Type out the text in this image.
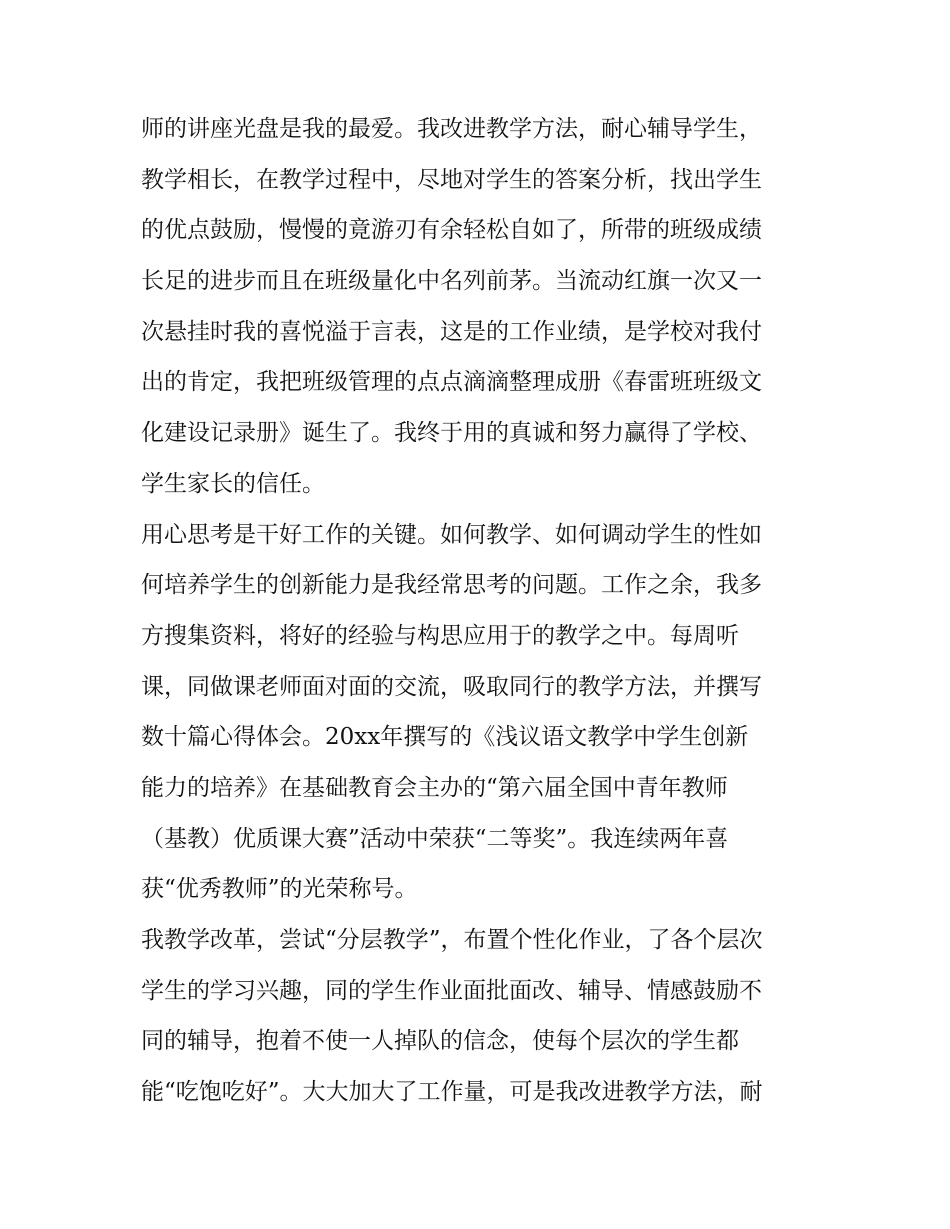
师的讲座光盘是我的最爱。我改进教学方法，耐心辅导学生，
教学相长，在教学过程中，尽地对学生的答案分析，找出学生
的优点鼓励，慢慢的竟游刃有余轻松自如了，所带的班级成绩
长足的进步而且在班级量化中名列前茅。当流动红旗一次又一
次悬挂时我的喜悦溢于言表，这是的工作业绩，是学校对我付
出的肯定，我把班级管理的点点滴滴整理成册《春雷班班级文
化建设记录册》诞生了。我终于用的真诚和努力赢得了学校、
学生家长的信任。
用心思考是干好工作的关键。如何教学、如何调动学生的性如
何培养学生的创新能力是我经常思考的问题。工作之余，我多
方搜集资料，将好的经验与构思应用于的教学之中。每周听
课，同做课老师面对面的交流，吸取同行的教学方法，并撰写
数十篇心得体会。20xx年撰写的《浅议语文教学中学生创新
能力的培养》在基础教育会主办的“第六届全国中青年教师
（基教）优质课大赛”活动中荣获“二等奖”。我连续两年喜
获“优秀教师”的光荣称号。
我教学改革，尝试“分层教学”，布置个性化作业，了各个层次
学生的学习兴趣，同的学生作业面批面改、辅导、情感鼓励不
同的辅导，抱着不使一人掉队的信念，使每个层次的学生都
能“吃饱吃好”。大大加大了工作量，可是我改进教学方法，耐
